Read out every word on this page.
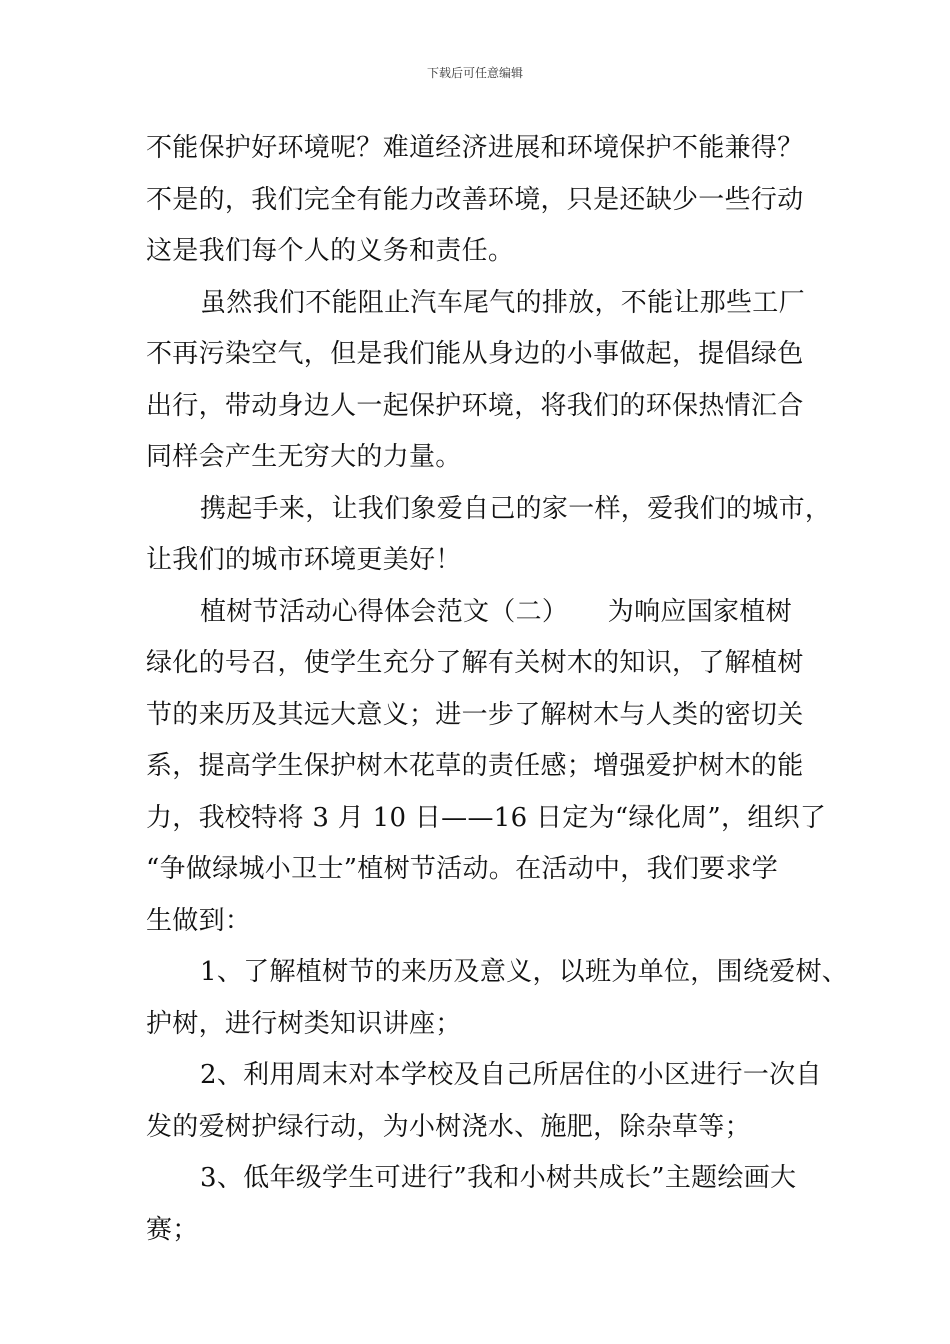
下载后可任意编辑
不能保护好环境呢？难道经济进展和环境保护不能兼得？
不是的，我们完全有能力改善环境，只是还缺少一些行动
这是我们每个人的义务和责任。
虽然我们不能阻止汽车尾气的排放，不能让那些工厂
不再污染空气，但是我们能从身边的小事做起，提倡绿色
出行，带动身边人一起保护环境，将我们的环保热情汇合
同样会产生无穷大的力量。
携起手来，让我们象爱自己的家一样，爱我们的城市，
让我们的城市环境更美好！
植树节活动心得体会范文（二）　　为响应国家植树
绿化的号召，使学生充分了解有关树木的知识，了解植树
节的来历及其远大意义；进一步了解树木与人类的密切关
系，提高学生保护树木花草的责任感；增强爱护树木的能
力，我校特将 3 月 10 日——16 日定为“绿化周”，组织了
“争做绿城小卫士”植树节活动。在活动中，我们要求学
生做到：
1、了解植树节的来历及意义，以班为单位，围绕爱树、
护树，进行树类知识讲座；
2、利用周末对本学校及自己所居住的小区进行一次自
发的爱树护绿行动，为小树浇水、施肥，除杂草等；
3、低年级学生可进行”我和小树共成长”主题绘画大
赛；
